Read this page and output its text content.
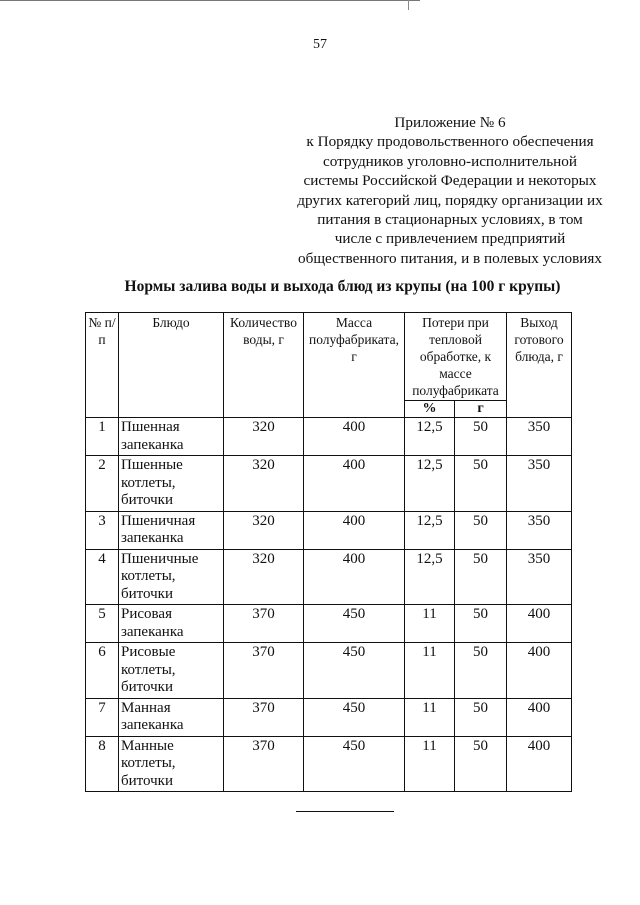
57
Приложение № 6
к Порядку продовольственного обеспечения
сотрудников уголовно-исполнительной
системы Российской Федерации и некоторых
других категорий лиц, порядку организации их
питания в стационарных условиях, в том
числе с привлечением предприятий
общественного питания, и в полевых условиях
Нормы залива воды и выхода блюд из крупы (на 100 г крупы)
№ п/п	Блюдо	Количество воды, г	Масса полуфабриката, г	Потери при тепловой обработке, к массе полуфабриката		Выход готового блюда, г
				%	г	
1	Пшенная запеканка	320	400	12,5	50	350
2	Пшенные котлеты, биточки	320	400	12,5	50	350
3	Пшеничная запеканка	320	400	12,5	50	350
4	Пшеничные котлеты, биточки	320	400	12,5	50	350
5	Рисовая запеканка	370	450	11	50	400
6	Рисовые котлеты, биточки	370	450	11	50	400
7	Манная запеканка	370	450	11	50	400
8	Манные котлеты, биточки	370	450	11	50	400
